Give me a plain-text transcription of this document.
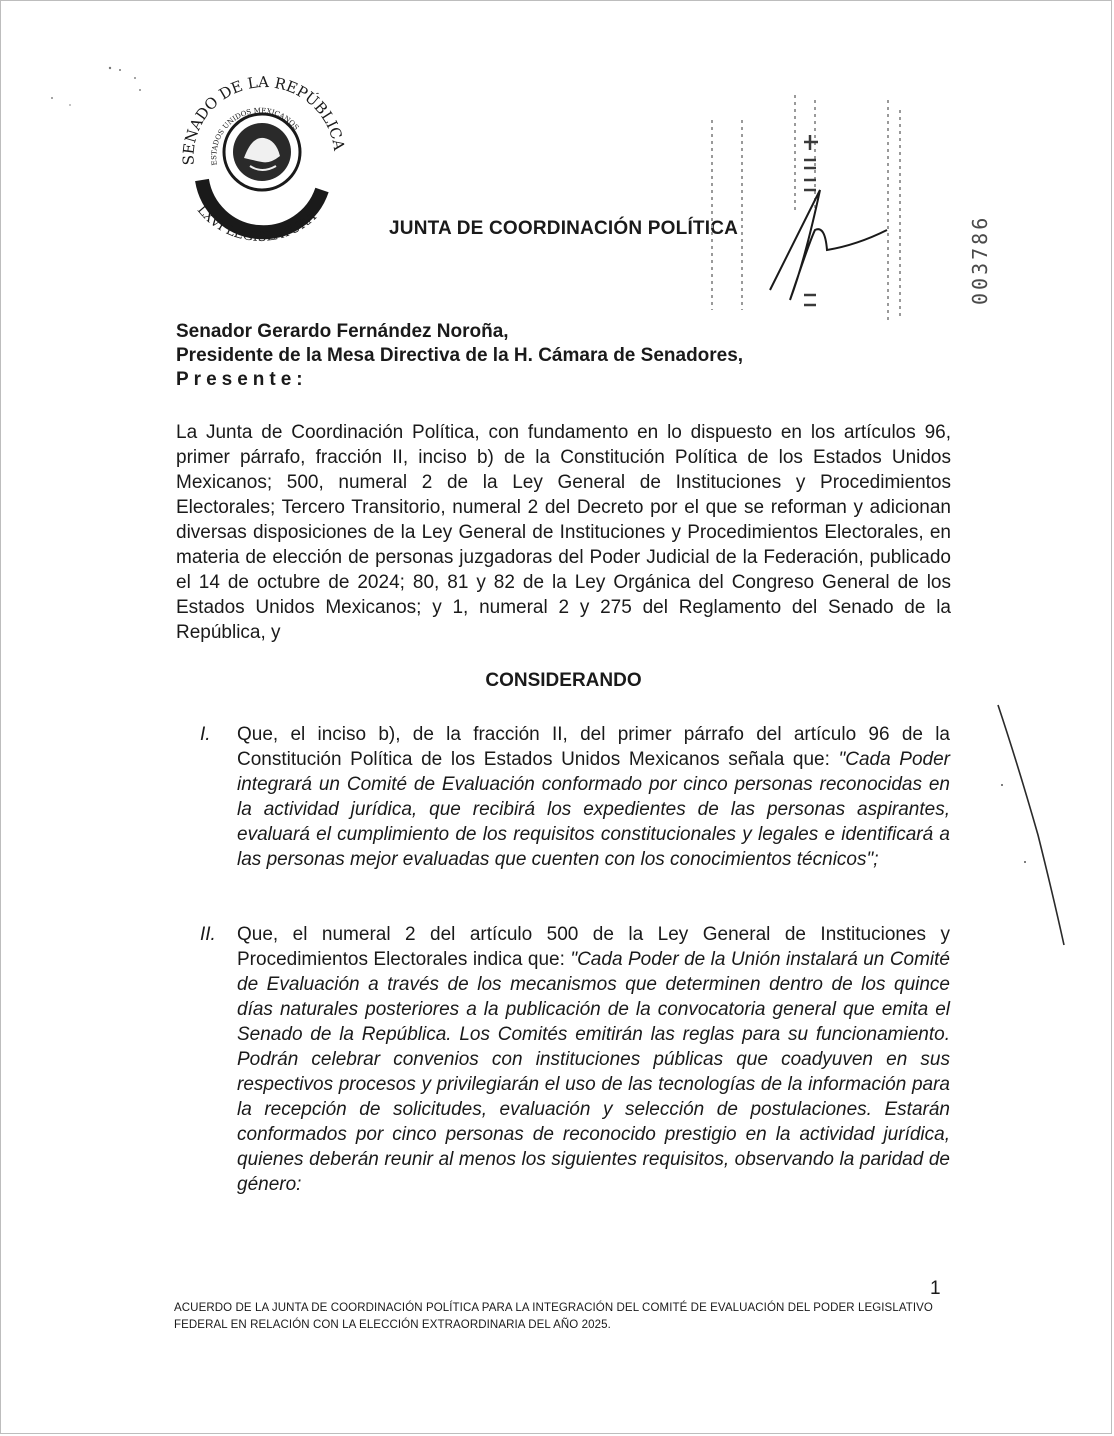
SENADO DE LA REPÚBLICA
ESTADOS UNIDOS MEXICANOS
LXVI LEGISLATURA	JUNTA DE COORDINACIÓN POLÍTICA	003786
Senador Gerardo Fernández Noroña,
Presidente de la Mesa Directiva de la H. Cámara de Senadores,
Presente:
La Junta de Coordinación Política, con fundamento en lo dispuesto en los artículos 96, primer párrafo, fracción II, inciso b) de la Constitución Política de los Estados Unidos Mexicanos; 500, numeral 2 de la Ley General de Instituciones y Procedimientos Electorales; Tercero Transitorio, numeral 2 del Decreto por el que se reforman y adicionan diversas disposiciones de la Ley General de Instituciones y Procedimientos Electorales, en materia de elección de personas juzgadoras del Poder Judicial de la Federación, publicado el 14 de octubre de 2024; 80, 81 y 82 de la Ley Orgánica del Congreso General de los Estados Unidos Mexicanos; y 1, numeral 2 y 275 del Reglamento del Senado de la República, y
CONSIDERANDO
I.	Que, el inciso b), de la fracción II, del primer párrafo del artículo 96 de la Constitución Política de los Estados Unidos Mexicanos señala que: "Cada Poder integrará un Comité de Evaluación conformado por cinco personas reconocidas en la actividad jurídica, que recibirá los expedientes de las personas aspirantes, evaluará el cumplimiento de los requisitos constitucionales y legales e identificará a las personas mejor evaluadas que cuenten con los conocimientos técnicos";
II.	Que, el numeral 2 del artículo 500 de la Ley General de Instituciones y Procedimientos Electorales indica que: "Cada Poder de la Unión instalará un Comité de Evaluación a través de los mecanismos que determinen dentro de los quince días naturales posteriores a la publicación de la convocatoria general que emita el Senado de la República. Los Comités emitirán las reglas para su funcionamiento. Podrán celebrar convenios con instituciones públicas que coadyuven en sus respectivos procesos y privilegiarán el uso de las tecnologías de la información para la recepción de solicitudes, evaluación y selección de postulaciones. Estarán conformados por cinco personas de reconocido prestigio en la actividad jurídica, quienes deberán reunir al menos los siguientes requisitos, observando la paridad de género:
1
ACUERDO DE LA JUNTA DE COORDINACIÓN POLÍTICA PARA LA INTEGRACIÓN DEL COMITÉ DE EVALUACIÓN DEL PODER LEGISLATIVO FEDERAL EN RELACIÓN CON LA ELECCIÓN EXTRAORDINARIA DEL AÑO 2025.
